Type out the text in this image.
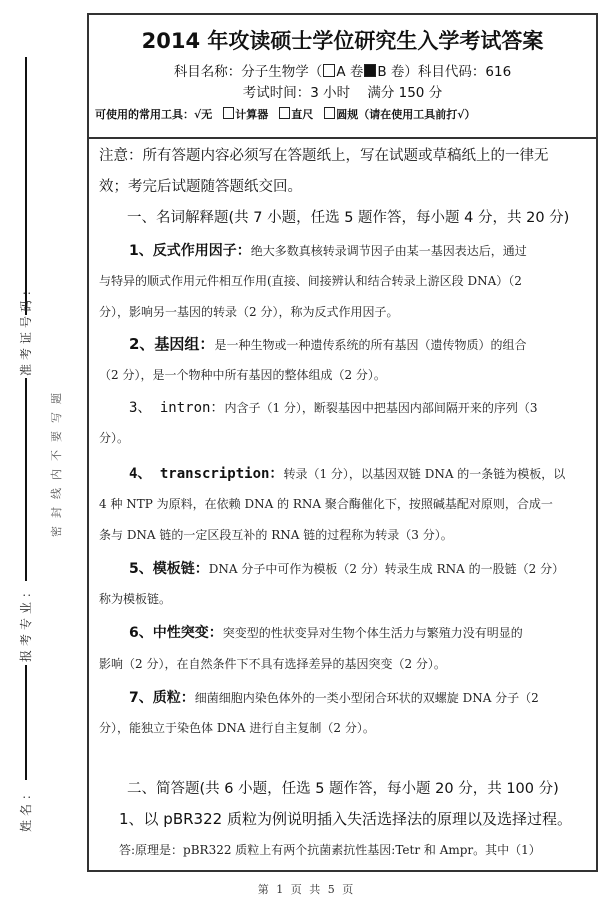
准考证号码：
密封线内不要写题
报考专业：
姓名：
2014 年攻读硕士学位研究生入学考试答案
科目名称：分子生物学（ A 卷 B 卷）科目代码：616
考试时间：3 小时    满分 150 分
可使用的常用工具：√无 计算器 直尺 圆规（请在使用工具前打√）
注意：所有答题内容必须写在答题纸上，写在试题或草稿纸上的一律无
效；考完后试题随答题纸交回。
一、名词解释题(共 7 小题，任选 5 题作答，每小题 4 分，共 20 分)
1、反式作用因子：绝大多数真核转录调节因子由某一基因表达后，通过
与特异的顺式作用元件相互作用(直接、间接辨认和结合转录上游区段 DNA）（2
分），影响另一基因的转录（2 分），称为反式作用因子。
2、基因组：是一种生物或一种遗传系统的所有基因（遗传物质）的组合
（2 分），是一个物种中所有基因的整体组成（2 分）。
3、 intron：内含子（1 分），断裂基因中把基因内部间隔开来的序列（3
分）。
4、 transcription：转录（1 分），以基因双链 DNA 的一条链为模板，以
4 种 NTP 为原料，在依赖 DNA 的 RNA 聚合酶催化下，按照碱基配对原则，合成一
条与 DNA 链的一定区段互补的 RNA 链的过程称为转录（3 分）。
5、模板链：DNA 分子中可作为模板（2 分）转录生成 RNA 的一股链（2 分）
称为模板链。
6、中性突变：突变型的性状变异对生物个体生活力与繁殖力没有明显的
影响（2 分），在自然条件下不具有选择差异的基因突变（2 分）。
7、质粒：细菌细胞内染色体外的一类小型闭合环状的双螺旋 DNA 分子（2
分），能独立于染色体 DNA 进行自主复制（2 分）。
二、简答题(共 6 小题，任选 5 题作答，每小题 20 分，共 100 分)
1、以 pBR322 质粒为例说明插入失活选择法的原理以及选择过程。
答:原理是：pBR322 质粒上有两个抗菌素抗性基因:Tetr 和 Ampr。其中（1）
第 1 页 共 5 页
